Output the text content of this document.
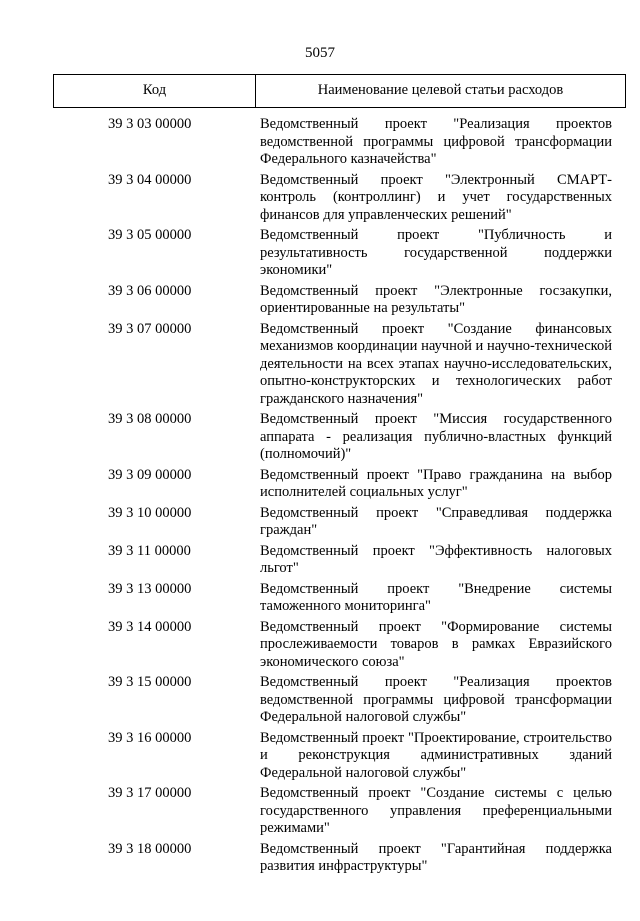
5057
Код	Наименование целевой статьи расходов
39 3 03 00000	Ведомственный проект "Реализация проектов ведомственной программы цифровой трансформации Федерального казначейства"
39 3 04 00000	Ведомственный проект "Электронный СМАРТ-контроль (контроллинг) и учет государственных финансов для управленческих решений"
39 3 05 00000	Ведомственный проект "Публичность и результативность государственной поддержки экономики"
39 3 06 00000	Ведомственный проект "Электронные госзакупки, ориентированные на результаты"
39 3 07 00000	Ведомственный проект "Создание финансовых механизмов координации научной и научно-технической деятельности на всех этапах научно-исследовательских, опытно-конструкторских и технологических работ гражданского назначения"
39 3 08 00000	Ведомственный проект "Миссия государственного аппарата - реализация публично-властных функций (полномочий)"
39 3 09 00000	Ведомственный проект "Право гражданина на выбор исполнителей социальных услуг"
39 3 10 00000	Ведомственный проект "Справедливая поддержка граждан"
39 3 11 00000	Ведомственный проект "Эффективность налоговых льгот"
39 3 13 00000	Ведомственный проект "Внедрение системы таможенного мониторинга"
39 3 14 00000	Ведомственный проект "Формирование системы прослеживаемости товаров в рамках Евразийского экономического союза"
39 3 15 00000	Ведомственный проект "Реализация проектов ведомственной программы цифровой трансформации Федеральной налоговой службы"
39 3 16 00000	Ведомственный проект "Проектирование, строительство и реконструкция административных зданий Федеральной налоговой службы"
39 3 17 00000	Ведомственный проект "Создание системы с целью государственного управления преференциальными режимами"
39 3 18 00000	Ведомственный проект "Гарантийная поддержка развития инфраструктуры"
